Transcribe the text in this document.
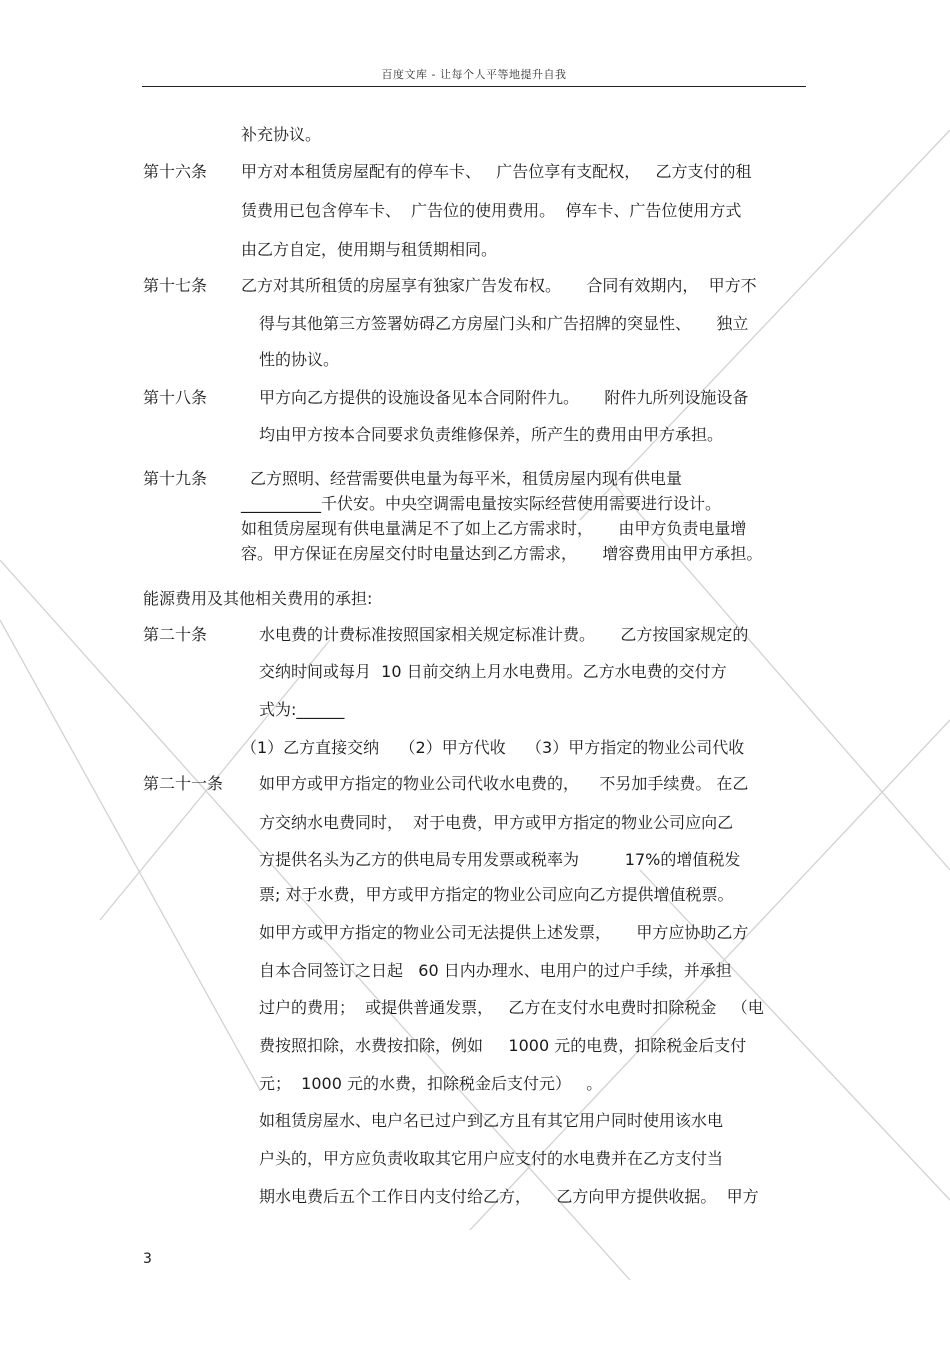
百度文库 - 让每个人平等地提升自我
补充协议。
第十六条 甲方对本租赁房屋配有的停车卡、   广告位享有支配权，   乙方支付的租
赁费用已包含停车卡、  广告位的使用费用。  停车卡、广告位使用方式
由乙方自定，使用期与租赁期相同。
第十七条 乙方对其所租赁的房屋享有独家广告发布权。     合同有效期内，  甲方不
得与其他第三方签署妨碍乙方房屋门头和广告招牌的突显性、     独立
性的协议。
第十八条	甲方向乙方提供的设施设备见本合同附件九。     附件九所列设施设备
均由甲方按本合同要求负责维修保养，所产生的费用由甲方承担。
第十九条	乙方照明、经营需要供电量为每平米，租赁房屋内现有供电量
__________千伏安。中央空调需电量按实际经营使用需要进行设计。
如租赁房屋现有供电量满足不了如上乙方需求时，     由甲方负责电量增
容。甲方保证在房屋交付时电量达到乙方需求，     增容费用由甲方承担。
能源费用及其他相关费用的承担:
第二十条	水电费的计费标准按照国家相关规定标准计费。     乙方按国家规定的
交纳时间或每月  10 日前交纳上月水电费用。乙方水电费的交付方
式为:______
（1）乙方直接交纳    （2）甲方代收    （3）甲方指定的物业公司代收
第二十一条 如甲方或甲方指定的物业公司代收水电费的，    不另加手续费。 在乙
方交纳水电费同时，  对于电费，甲方或甲方指定的物业公司应向乙
方提供名头为乙方的供电局专用发票或税率为         17%的增值税发
票; 对于水费，甲方或甲方指定的物业公司应向乙方提供增值税票。
如甲方或甲方指定的物业公司无法提供上述发票，     甲方应协助乙方
自本合同签订之日起   60 日内办理水、电用户的过户手续，并承担
过户的费用；  或提供普通发票，   乙方在支付水电费时扣除税金   （电
费按照扣除，水费按扣除，例如     1000 元的电费，扣除税金后支付
元；  1000 元的水费，扣除税金后支付元）   。
如租赁房屋水、电户名已过户到乙方且有其它用户同时使用该水电
户头的，甲方应负责收取其它用户应支付的水电费并在乙方支付当
期水电费后五个工作日内支付给乙方，     乙方向甲方提供收据。  甲方
3
